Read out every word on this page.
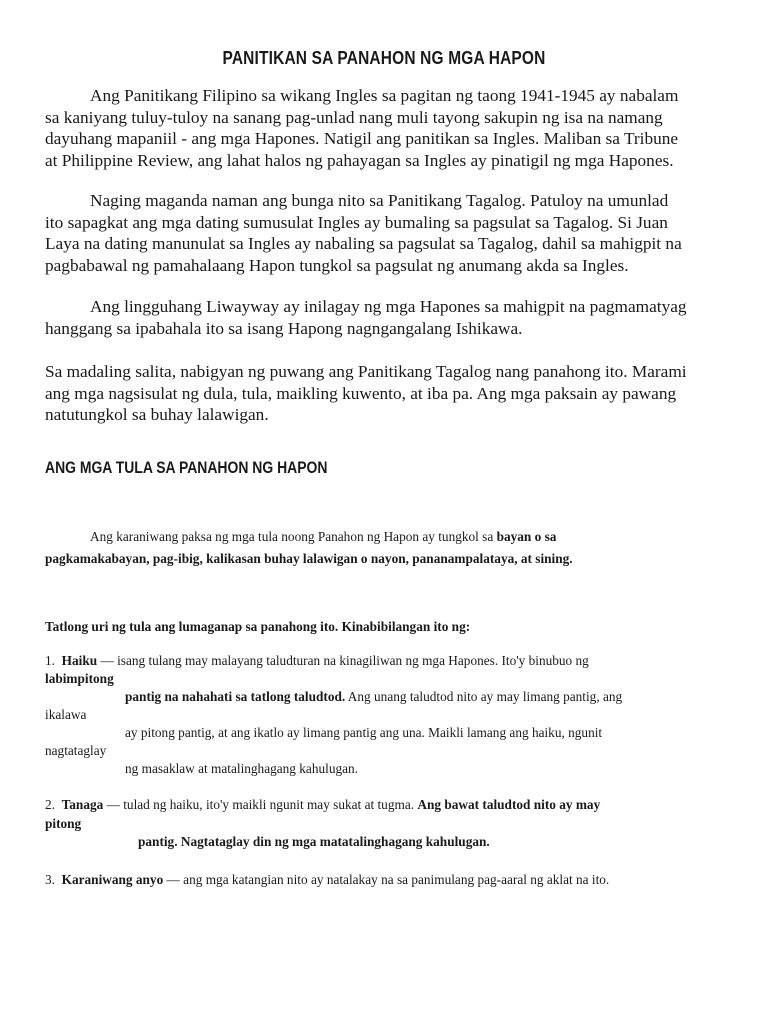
PANITIKAN SA PANAHON NG MGA HAPON
Ang Panitikang Filipino sa wikang Ingles sa pagitan ng taong 1941-1945 ay nabalam
sa kaniyang tuluy-tuloy na sanang pag-unlad nang muli tayong sakupin ng isa na namang
dayuhang mapaniil - ang mga Hapones. Natigil ang panitikan sa Ingles. Maliban sa Tribune
at Philippine Review, ang lahat halos ng pahayagan sa Ingles ay pinatigil ng mga Hapones.
Naging maganda naman ang bunga nito sa Panitikang Tagalog. Patuloy na umunlad
ito sapagkat ang mga dating sumusulat Ingles ay bumaling sa pagsulat sa Tagalog. Si Juan
Laya na dating manunulat sa Ingles ay nabaling sa pagsulat sa Tagalog, dahil sa mahigpit na
pagbabawal ng pamahalaang Hapon tungkol sa pagsulat ng anumang akda sa Ingles.
Ang lingguhang Liwayway ay inilagay ng mga Hapones sa mahigpit na pagmamatyag
hanggang sa ipabahala ito sa isang Hapong nagngangalang Ishikawa.
Sa madaling salita, nabigyan ng puwang ang Panitikang Tagalog nang panahong ito. Marami
ang mga nagsisulat ng dula, tula, maikling kuwento, at iba pa. Ang mga paksain ay pawang
natutungkol sa buhay lalawigan.
ANG MGA TULA SA PANAHON NG HAPON
Ang karaniwang paksa ng mga tula noong Panahon ng Hapon ay tungkol sa bayan o sa
pagkamakabayan, pag-ibig, kalikasan buhay lalawigan o nayon, pananampalataya, at sining.
Tatlong uri ng tula ang lumaganap sa panahong ito. Kinabibilangan ito ng:
1. Haiku — isang tulang may malayang taludturan na kinagiliwan ng mga Hapones. Ito'y binubuo ng
labimpitong
pantig na nahahati sa tatlong taludtod. Ang unang taludtod nito ay may limang pantig, ang
ikalawa
ay pitong pantig, at ang ikatlo ay limang pantig ang una. Maikli lamang ang haiku, ngunit
nagtataglay
ng masaklaw at matalinghagang kahulugan.
2. Tanaga — tulad ng haiku, ito'y maikli ngunit may sukat at tugma. Ang bawat taludtod nito ay may
pitong
pantig. Nagtataglay din ng mga matatalinghagang kahulugan.
3. Karaniwang anyo — ang mga katangian nito ay natalakay na sa panimulang pag-aaral ng aklat na ito.
